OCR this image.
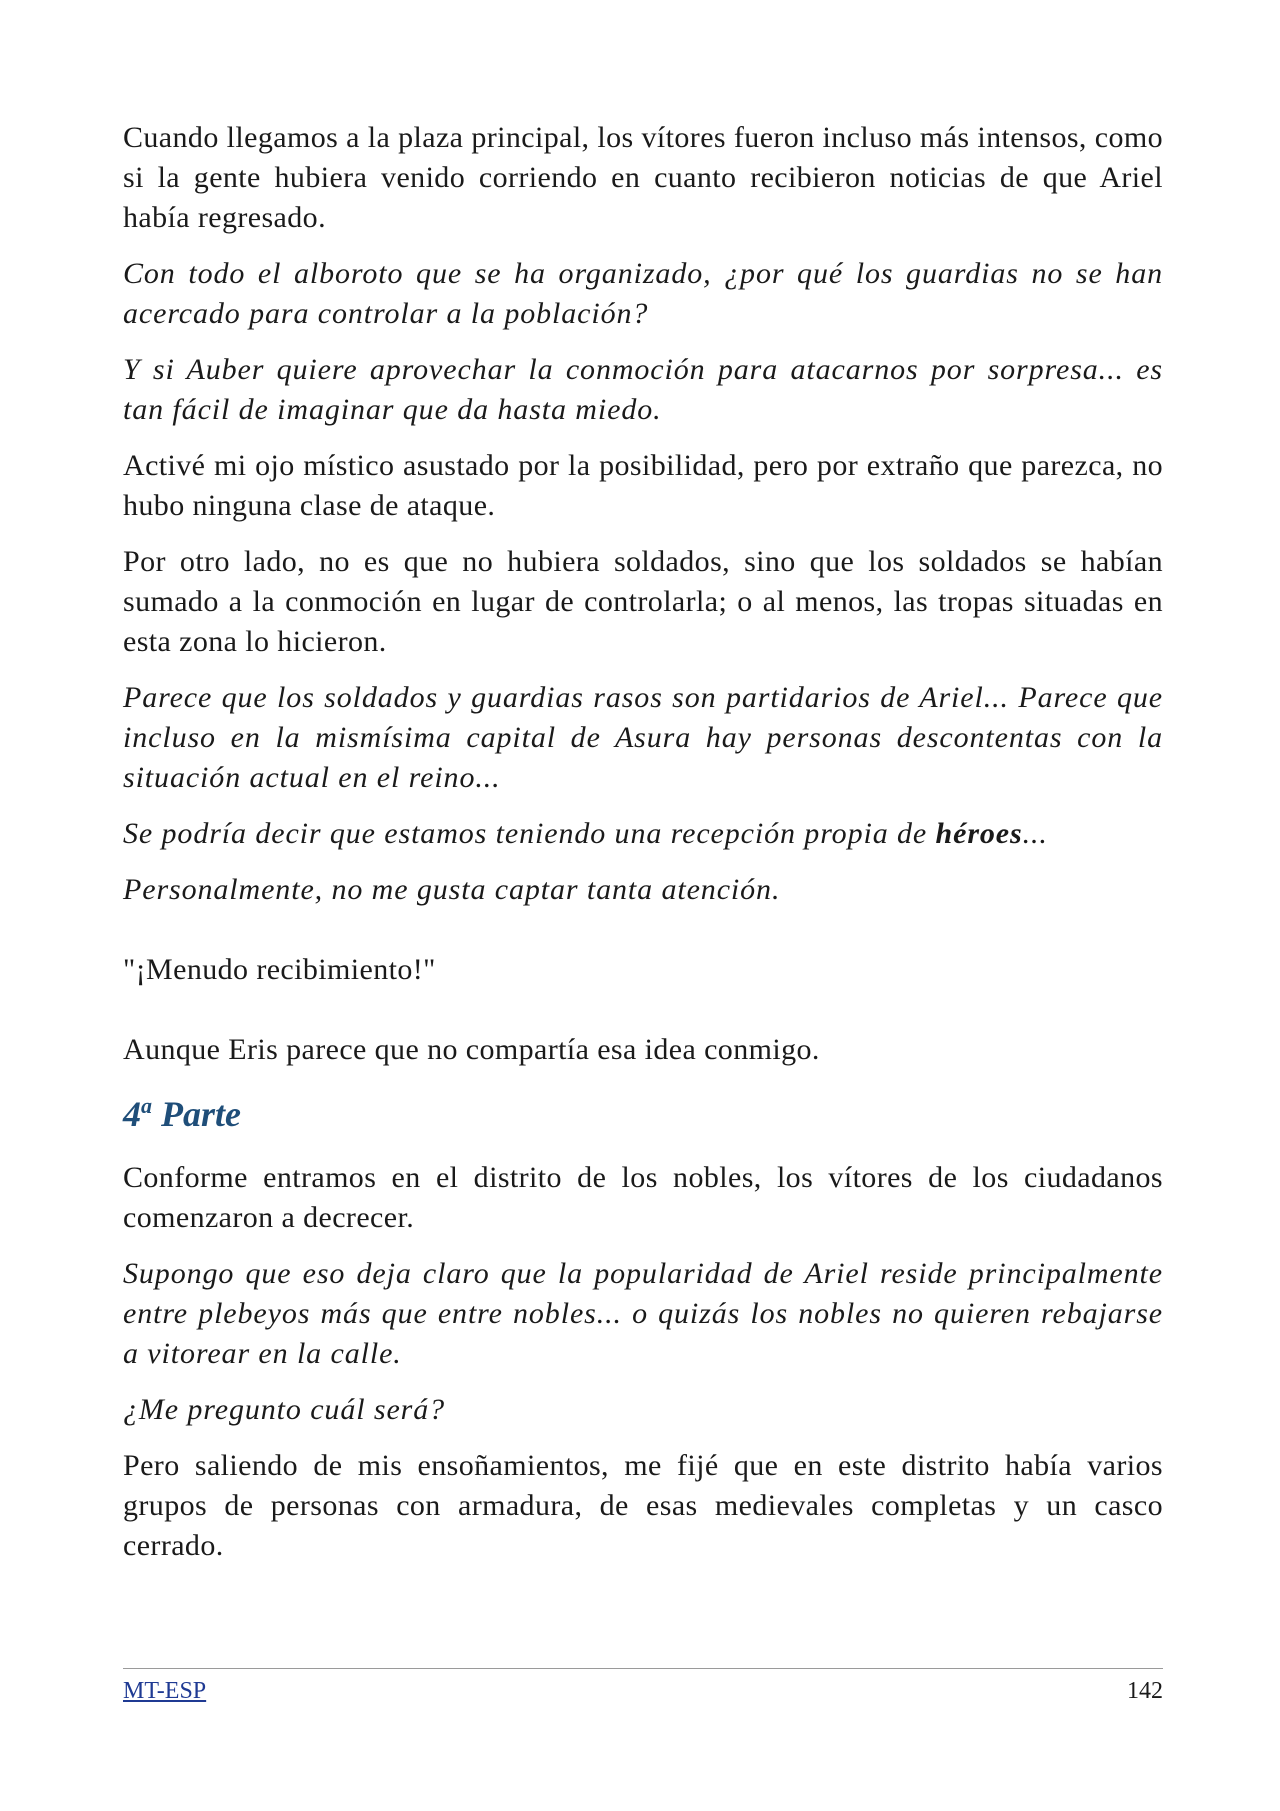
Cuando llegamos a la plaza principal, los vítores fueron incluso más intensos, como si la gente hubiera venido corriendo en cuanto recibieron noticias de que Ariel había regresado.

Con todo el alboroto que se ha organizado, ¿por qué los guardias no se han acercado para controlar a la población?

Y si Auber quiere aprovechar la conmoción para atacarnos por sorpresa... es tan fácil de imaginar que da hasta miedo.

Activé mi ojo místico asustado por la posibilidad, pero por extraño que parezca, no hubo ninguna clase de ataque.

Por otro lado, no es que no hubiera soldados, sino que los soldados se habían sumado a la conmoción en lugar de controlarla; o al menos, las tropas situadas en esta zona lo hicieron.

Parece que los soldados y guardias rasos son partidarios de Ariel... Parece que incluso en la mismísima capital de Asura hay personas descontentas con la situación actual en el reino...

Se podría decir que estamos teniendo una recepción propia de héroes...

Personalmente, no me gusta captar tanta atención.

"¡Menudo recibimiento!"

Aunque Eris parece que no compartía esa idea conmigo.

4$^a$ Parte

Conforme entramos en el distrito de los nobles, los vítores de los ciudadanos comenzaron a decrecer.

Supongo que eso deja claro que la popularidad de Ariel reside principalmente entre plebeyos más que entre nobles... o quizás los nobles no quieren rebajarse a vitorear en la calle.

¿Me pregunto cuál será?

Pero saliendo de mis ensoñamientos, me fijé que en este distrito había varios grupos de personas con armadura, de esas medievales completas y un casco cerrado.

MT-ESP	142
